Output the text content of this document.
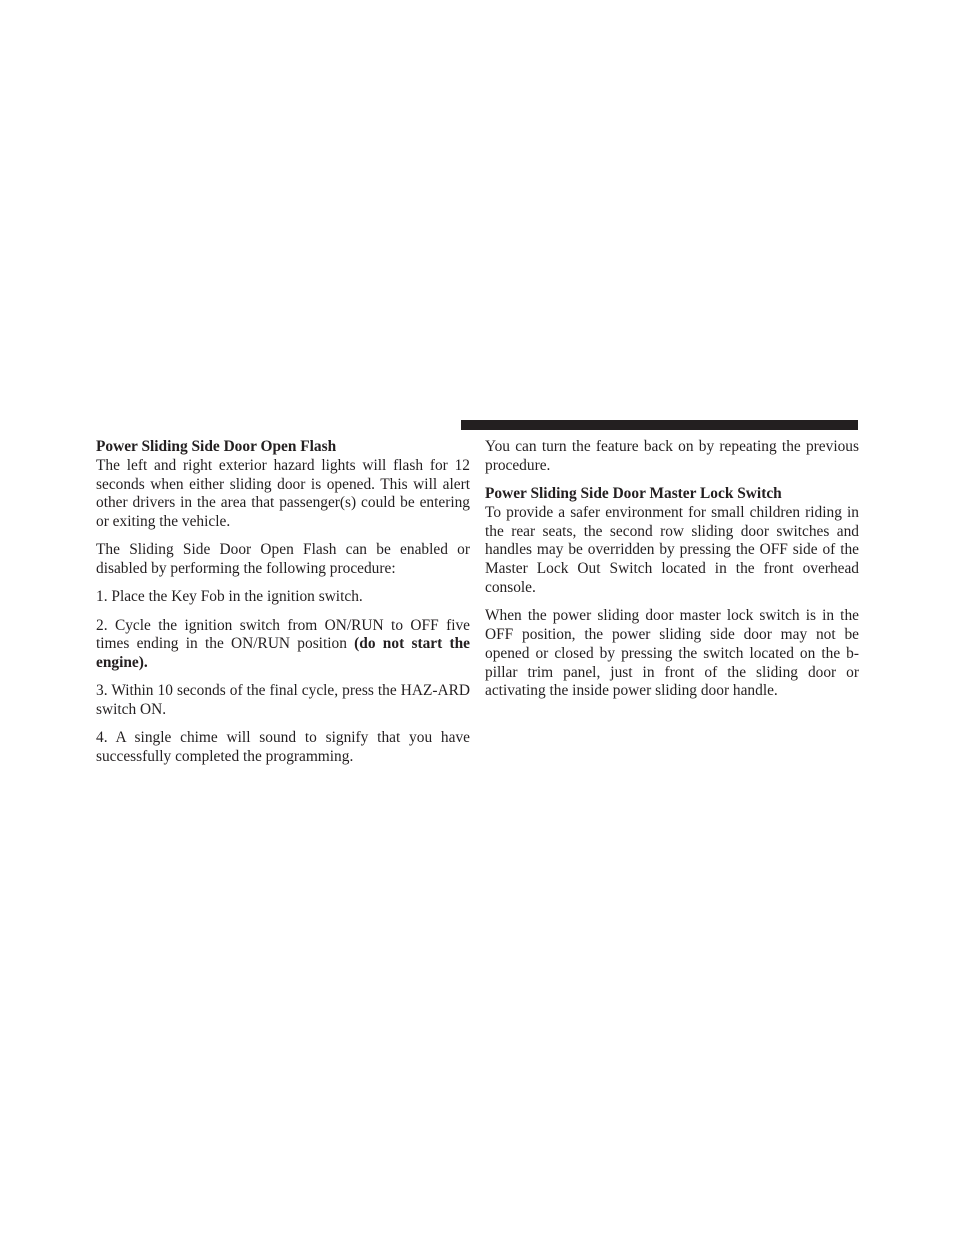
Power Sliding Side Door Open Flash

The left and right exterior hazard lights will flash for 12 seconds when either sliding door is opened. This will alert other drivers in the area that passenger(s) could be entering or exiting the vehicle.

The Sliding Side Door Open Flash can be enabled or disabled by performing the following procedure:

1. Place the Key Fob in the ignition switch.

2. Cycle the ignition switch from ON/RUN to OFF five times ending in the ON/RUN position (do not start the engine).

3. Within 10 seconds of the final cycle, press the HAZ-ARD switch ON.

4. A single chime will sound to signify that you have successfully completed the programming.

You can turn the feature back on by repeating the previous procedure.

Power Sliding Side Door Master Lock Switch

To provide a safer environment for small children riding in the rear seats, the second row sliding door switches and handles may be overridden by pressing the OFF side of the Master Lock Out Switch located in the front overhead console.

When the power sliding door master lock switch is in the OFF position, the power sliding side door may not be opened or closed by pressing the switch located on the b-pillar trim panel, just in front of the sliding door or activating the inside power sliding door handle.
